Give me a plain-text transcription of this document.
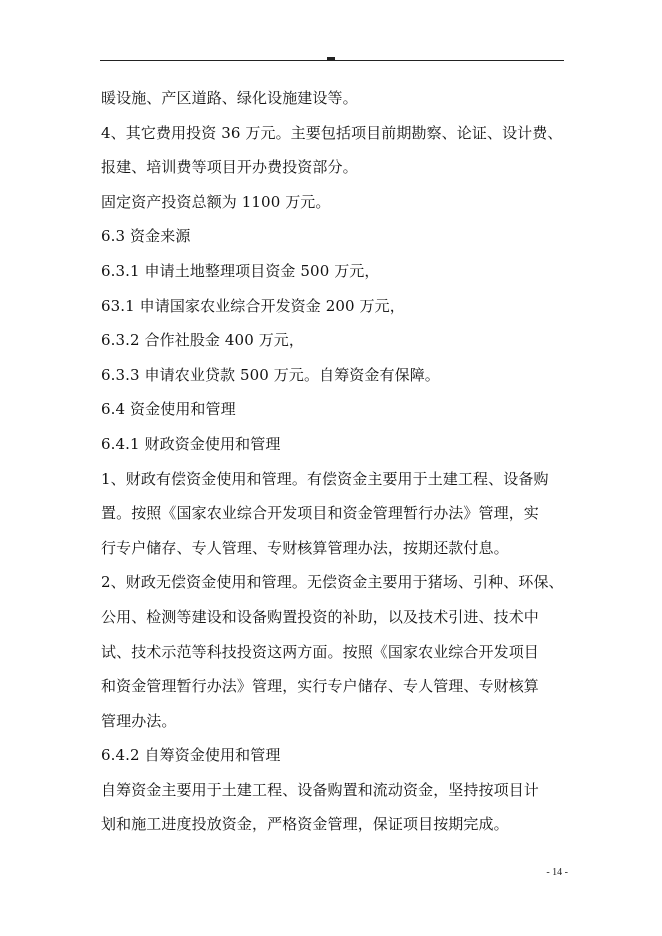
暖设施、产区道路、绿化设施建设等。
4、其它费用投资 36 万元。主要包括项目前期勘察、论证、设计费、
报建、培训费等项目开办费投资部分。
固定资产投资总额为 1100 万元。
6.3 资金来源
6.3.1 申请土地整理项目资金 500 万元，
63.1 申请国家农业综合开发资金 200 万元，
6.3.2 合作社股金 400 万元，
6.3.3 申请农业贷款 500 万元。自筹资金有保障。
6.4 资金使用和管理
6.4.1 财政资金使用和管理
1、财政有偿资金使用和管理。有偿资金主要用于土建工程、设备购
置。按照《国家农业综合开发项目和资金管理暂行办法》管理，实
行专户储存、专人管理、专财核算管理办法，按期还款付息。
2、财政无偿资金使用和管理。无偿资金主要用于猪场、引种、环保、
公用、检测等建设和设备购置投资的补助，以及技术引进、技术中
试、技术示范等科技投资这两方面。按照《国家农业综合开发项目
和资金管理暂行办法》管理，实行专户储存、专人管理、专财核算
管理办法。
6.4.2 自筹资金使用和管理
自筹资金主要用于土建工程、设备购置和流动资金，坚持按项目计
划和施工进度投放资金，严格资金管理，保证项目按期完成。
- 14 -
